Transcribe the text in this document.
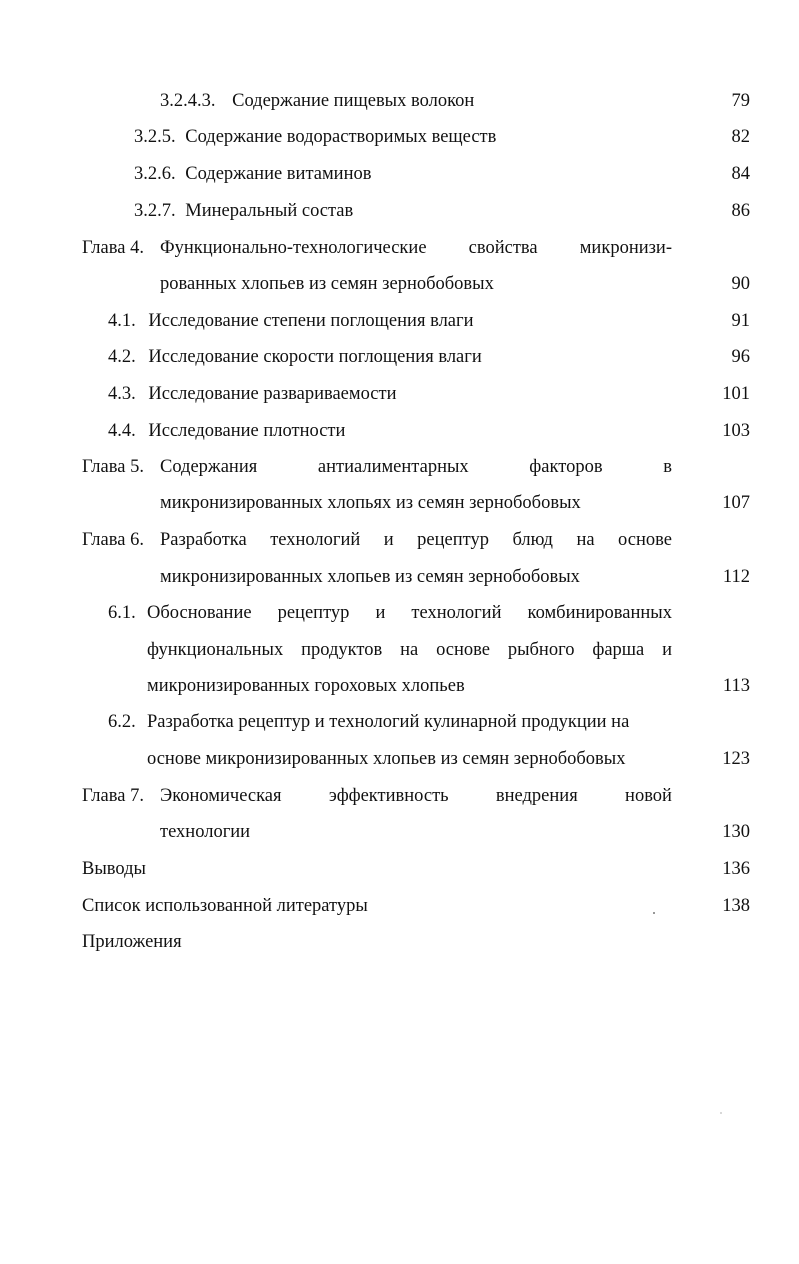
3.2.4.3. Содержание пищевых волокон	79
3.2.5. Содержание водорастворимых веществ	82
3.2.6. Содержание витаминов	84
3.2.7. Минеральный состав	86
Глава 4. Функционально-технологические свойства микронизи-
рованных хлопьев из семян зернобобовых	90
4.1. Исследование степени поглощения влаги	91
4.2. Исследование скорости поглощения влаги	96
4.3. Исследование развариваемости	101
4.4. Исследование плотности	103
Глава 5. Содержания	антиалиментарных	факторов	в
микронизированных хлопьях из семян зернобобовых	107
Глава 6. Разработка технологий и рецептур блюд на основе
микронизированных хлопьев из семян зернобобовых	112
6.1. Обоснование рецептур и технологий комбинированных
функциональных продуктов на основе рыбного фарша и
микронизированных гороховых хлопьев	113
6.2. Разработка рецептур и технологий кулинарной продукции на
основе микронизированных хлопьев из семян зернобобовых	123
Глава 7. Экономическая	эффективность	внедрения	новой
технологии	130
Выводы	136
Список использованной литературы	138
Приложения
